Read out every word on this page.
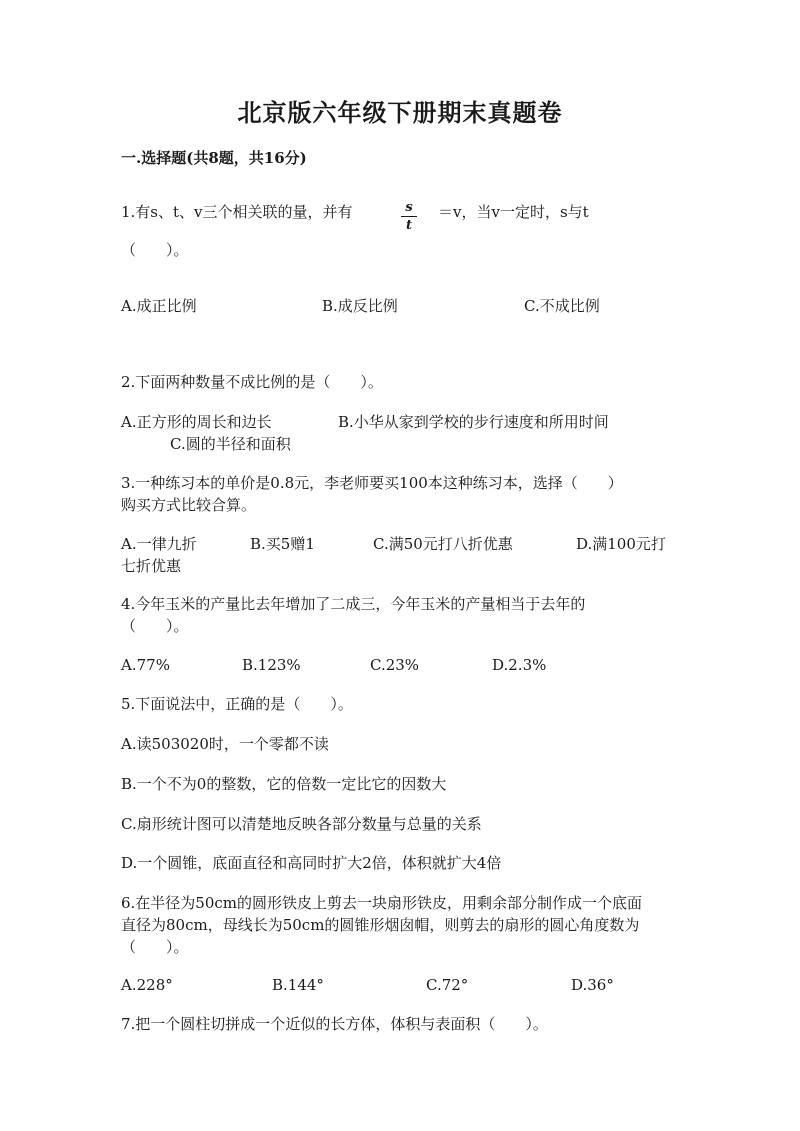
北京版六年级下册期末真题卷
一.选择题(共8题，共16分)
1.有s、t、v三个相关联的量，并有	s
t
＝v，当v一定时，s与t
（　　）。
A.成正比例	B.成反比例	C.不成比例
2.下面两种数量不成比例的是（　　）。
A.正方形的周长和边长	B.小华从家到学校的步行速度和所用时间
C.圆的半径和面积
3.一种练习本的单价是0.8元，李老师要买100本这种练习本，选择（　　）
购买方式比较合算。
A.一律九折	B.买5赠1	C.满50元打八折优惠	D.满100元打
七折优惠
4.今年玉米的产量比去年增加了二成三，今年玉米的产量相当于去年的
（　　）。
A.77%	B.123%	C.23%	D.2.3%
5.下面说法中，正确的是（　　）。
A.读503020时，一个零都不读
B.一个不为0的整数，它的倍数一定比它的因数大
C.扇形统计图可以清楚地反映各部分数量与总量的关系
D.一个圆锥，底面直径和高同时扩大2倍，体积就扩大4倍
6.在半径为50cm的圆形铁皮上剪去一块扇形铁皮，用剩余部分制作成一个底面
直径为80cm，母线长为50cm的圆锥形烟囱帽，则剪去的扇形的圆心角度数为
（　　）。
A.228°	B.144°	C.72°	D.36°
7.把一个圆柱切拼成一个近似的长方体，体积与表面积（　　）。
